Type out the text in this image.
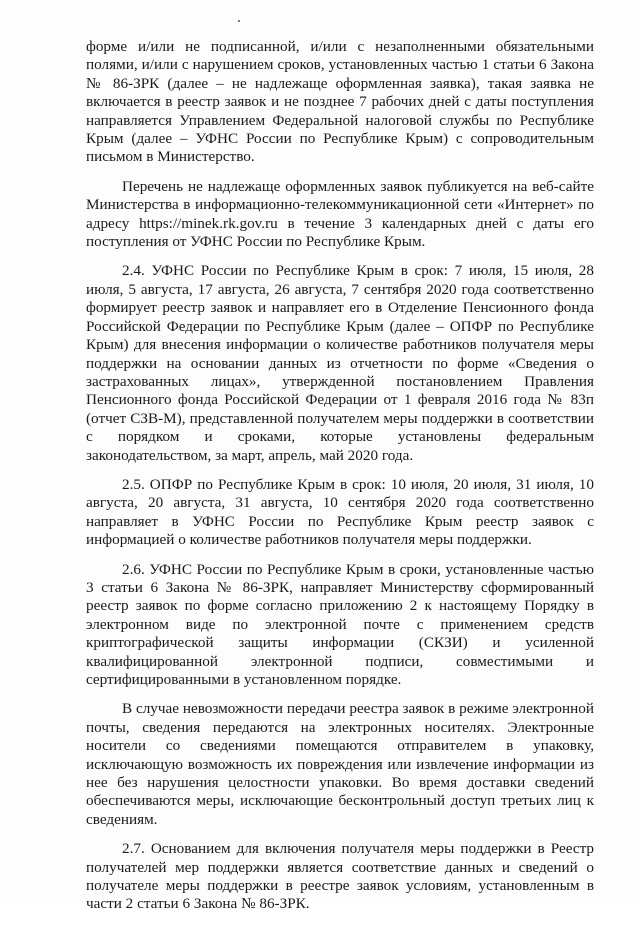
форме и/или не подписанной, и/или с незаполненными обязательными полями, и/или с нарушением сроков, установленных частью 1 статьи 6 Закона № 86-ЗРК (далее – не надлежаще оформленная заявка), такая заявка не включается в реестр заявок и не позднее 7 рабочих дней с даты поступления направляется Управлением Федеральной налоговой службы по Республике Крым (далее – УФНС России по Республике Крым) с сопроводительным письмом в Министерство.

Перечень не надлежаще оформленных заявок публикуется на веб-сайте Министерства в информационно-телекоммуникационной сети «Интернет» по адресу https://minek.rk.gov.ru в течение 3 календарных дней с даты его поступления от УФНС России по Республике Крым.

2.4. УФНС России по Республике Крым в срок: 7 июля, 15 июля, 28 июля, 5 августа, 17 августа, 26 августа, 7 сентября 2020 года соответственно формирует реестр заявок и направляет его в Отделение Пенсионного фонда Российской Федерации по Республике Крым (далее – ОПФР по Республике Крым) для внесения информации о количестве работников получателя меры поддержки на основании данных из отчетности по форме «Сведения о застрахованных лицах», утвержденной постановлением Правления Пенсионного фонда Российской Федерации от 1 февраля 2016 года № 83п (отчет СЗВ-М), представленной получателем меры поддержки в соответствии с порядком и сроками, которые установлены федеральным законодательством, за март, апрель, май 2020 года.

2.5. ОПФР по Республике Крым в срок: 10 июля, 20 июля, 31 июля, 10 августа, 20 августа, 31 августа, 10 сентября 2020 года соответственно направляет в УФНС России по Республике Крым реестр заявок с информацией о количестве работников получателя меры поддержки.

2.6. УФНС России по Республике Крым в сроки, установленные частью 3 статьи 6 Закона № 86-ЗРК, направляет Министерству сформированный реестр заявок по форме согласно приложению 2 к настоящему Порядку в электронном виде по электронной почте с применением средств криптографической защиты информации (СКЗИ) и усиленной квалифицированной электронной подписи, совместимыми и сертифицированными в установленном порядке.

В случае невозможности передачи реестра заявок в режиме электронной почты, сведения передаются на электронных носителях. Электронные носители со сведениями помещаются отправителем в упаковку, исключающую возможность их повреждения или извлечение информации из нее без нарушения целостности упаковки. Во время доставки сведений обеспечиваются меры, исключающие бесконтрольный доступ третьих лиц к сведениям.

2.7. Основанием для включения получателя меры поддержки в Реестр получателей мер поддержки является соответствие данных и сведений о получателе меры поддержки в реестре заявок условиям, установленным в части 2 статьи 6 Закона № 86-ЗРК.
